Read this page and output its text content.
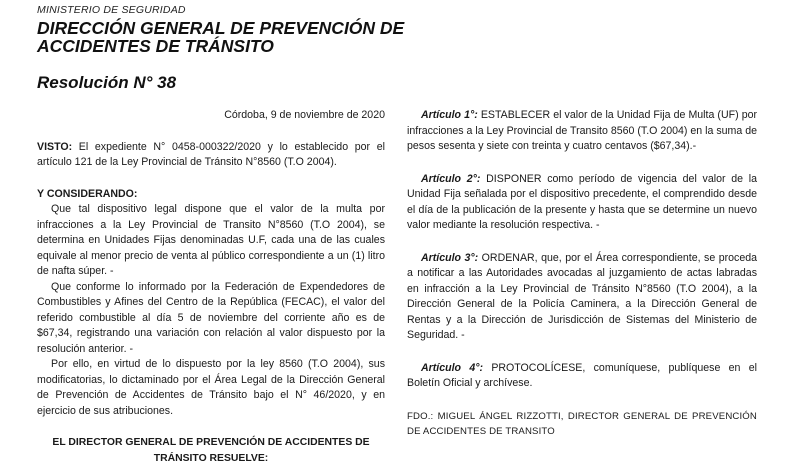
MINISTERIO DE SEGURIDAD
DIRECCIÓN GENERAL DE PREVENCIÓN DE
ACCIDENTES DE TRÁNSITO
Resolución N° 38

Córdoba, 9 de noviembre de 2020

VISTO: El expediente N° 0458-000322/2020 y lo establecido por el artículo 121 de la Ley Provincial de Tránsito N°8560 (T.O 2004).

Y CONSIDERANDO:

Que tal dispositivo legal dispone que el valor de la multa por infracciones a la Ley Provincial de Transito N°8560 (T.O 2004), se determina en Unidades Fijas denominadas U.F, cada una de las cuales equivale al menor precio de venta al público correspondiente a un (1) litro de nafta súper. -

Que conforme lo informado por la Federación de Expendedores de Combustibles y Afines del Centro de la República (FECAC), el valor del referido combustible al día 5 de noviembre del corriente año es de $67,34, registrando una variación con relación al valor dispuesto por la resolución anterior. -

Por ello, en virtud de lo dispuesto por la ley 8560 (T.O 2004), sus modificatorias, lo dictaminado por el Área Legal de la Dirección General de Prevención de Accidentes de Tránsito bajo el N° 46/2020, y en ejercicio de sus atribuciones.

EL DIRECTOR GENERAL DE PREVENCIÓN DE ACCIDENTES DE
TRÁNSITO RESUELVE:

Artículo 1°: ESTABLECER el valor de la Unidad Fija de Multa (UF) por infracciones a la Ley Provincial de Transito 8560 (T.O 2004) en la suma de pesos sesenta y siete con treinta y cuatro centavos ($67,34).-

Artículo 2°: DISPONER como período de vigencia del valor de la Unidad Fija señalada por el dispositivo precedente, el comprendido desde el día de la publicación de la presente y hasta que se determine un nuevo valor mediante la resolución respectiva. -

Artículo 3°: ORDENAR, que, por el Área correspondiente, se proceda a notificar a las Autoridades avocadas al juzgamiento de actas labradas en infracción a la Ley Provincial de Tránsito N°8560 (T.O 2004), a la Dirección General de la Policía Caminera, a la Dirección General de Rentas y a la Dirección de Jurisdicción de Sistemas del Ministerio de Seguridad. -

Artículo 4°: PROTOCOLÍCESE, comuníquese, publíquese en el Boletín Oficial y archívese.

FDO.: MIGUEL ÁNGEL RIZZOTTI, DIRECTOR GENERAL DE PREVENCIÓN DE ACCIDENTES DE TRANSITO
